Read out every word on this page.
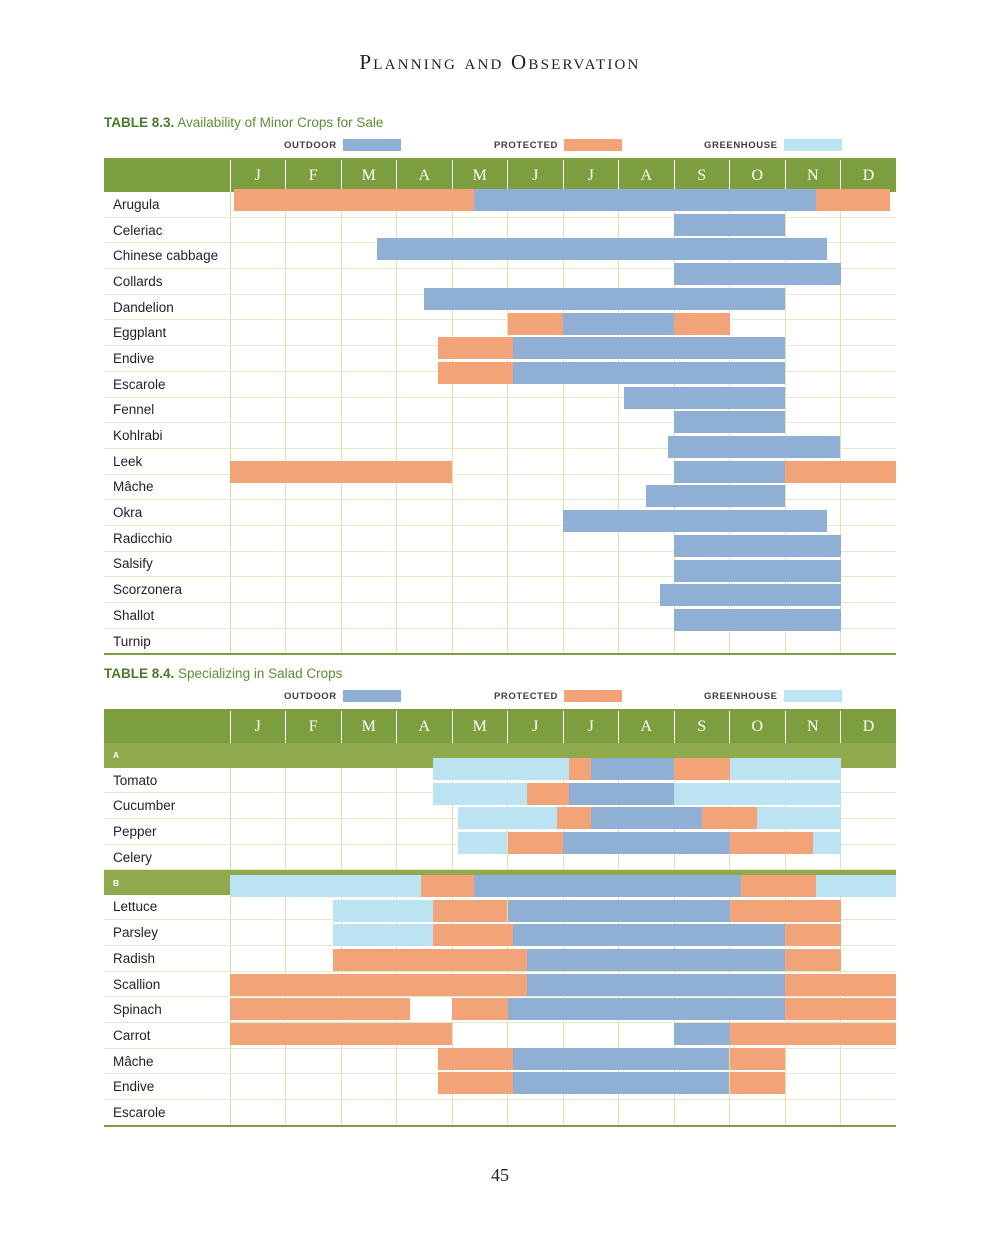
Planning and Observation
TABLE 8.3. Availability of Minor Crops for Sale
OUTDOOR	PROTECTED	GREENHOUSE
	J	F	M	A	M	J	J	A	S	O	N	D
Arugula												
Celeriac												
Chinese cabbage												
Collards												
Dandelion												
Eggplant												
Endive												
Escarole												
Fennel												
Kohlrabi												
Leek												
Mâche												
Okra												
Radicchio												
Salsify												
Scorzonera												
Shallot												
Turnip												
TABLE 8.4. Specializing in Salad Crops
OUTDOOR	PROTECTED	GREENHOUSE
	J	F	M	A	M	J	J	A	S	O	N	D
A												
Tomato												
Cucumber												
Pepper												
Celery												
B												
Lettuce												
Parsley												
Radish												
Scallion												
Spinach												
Carrot												
Mâche												
Endive												
Escarole												
45
